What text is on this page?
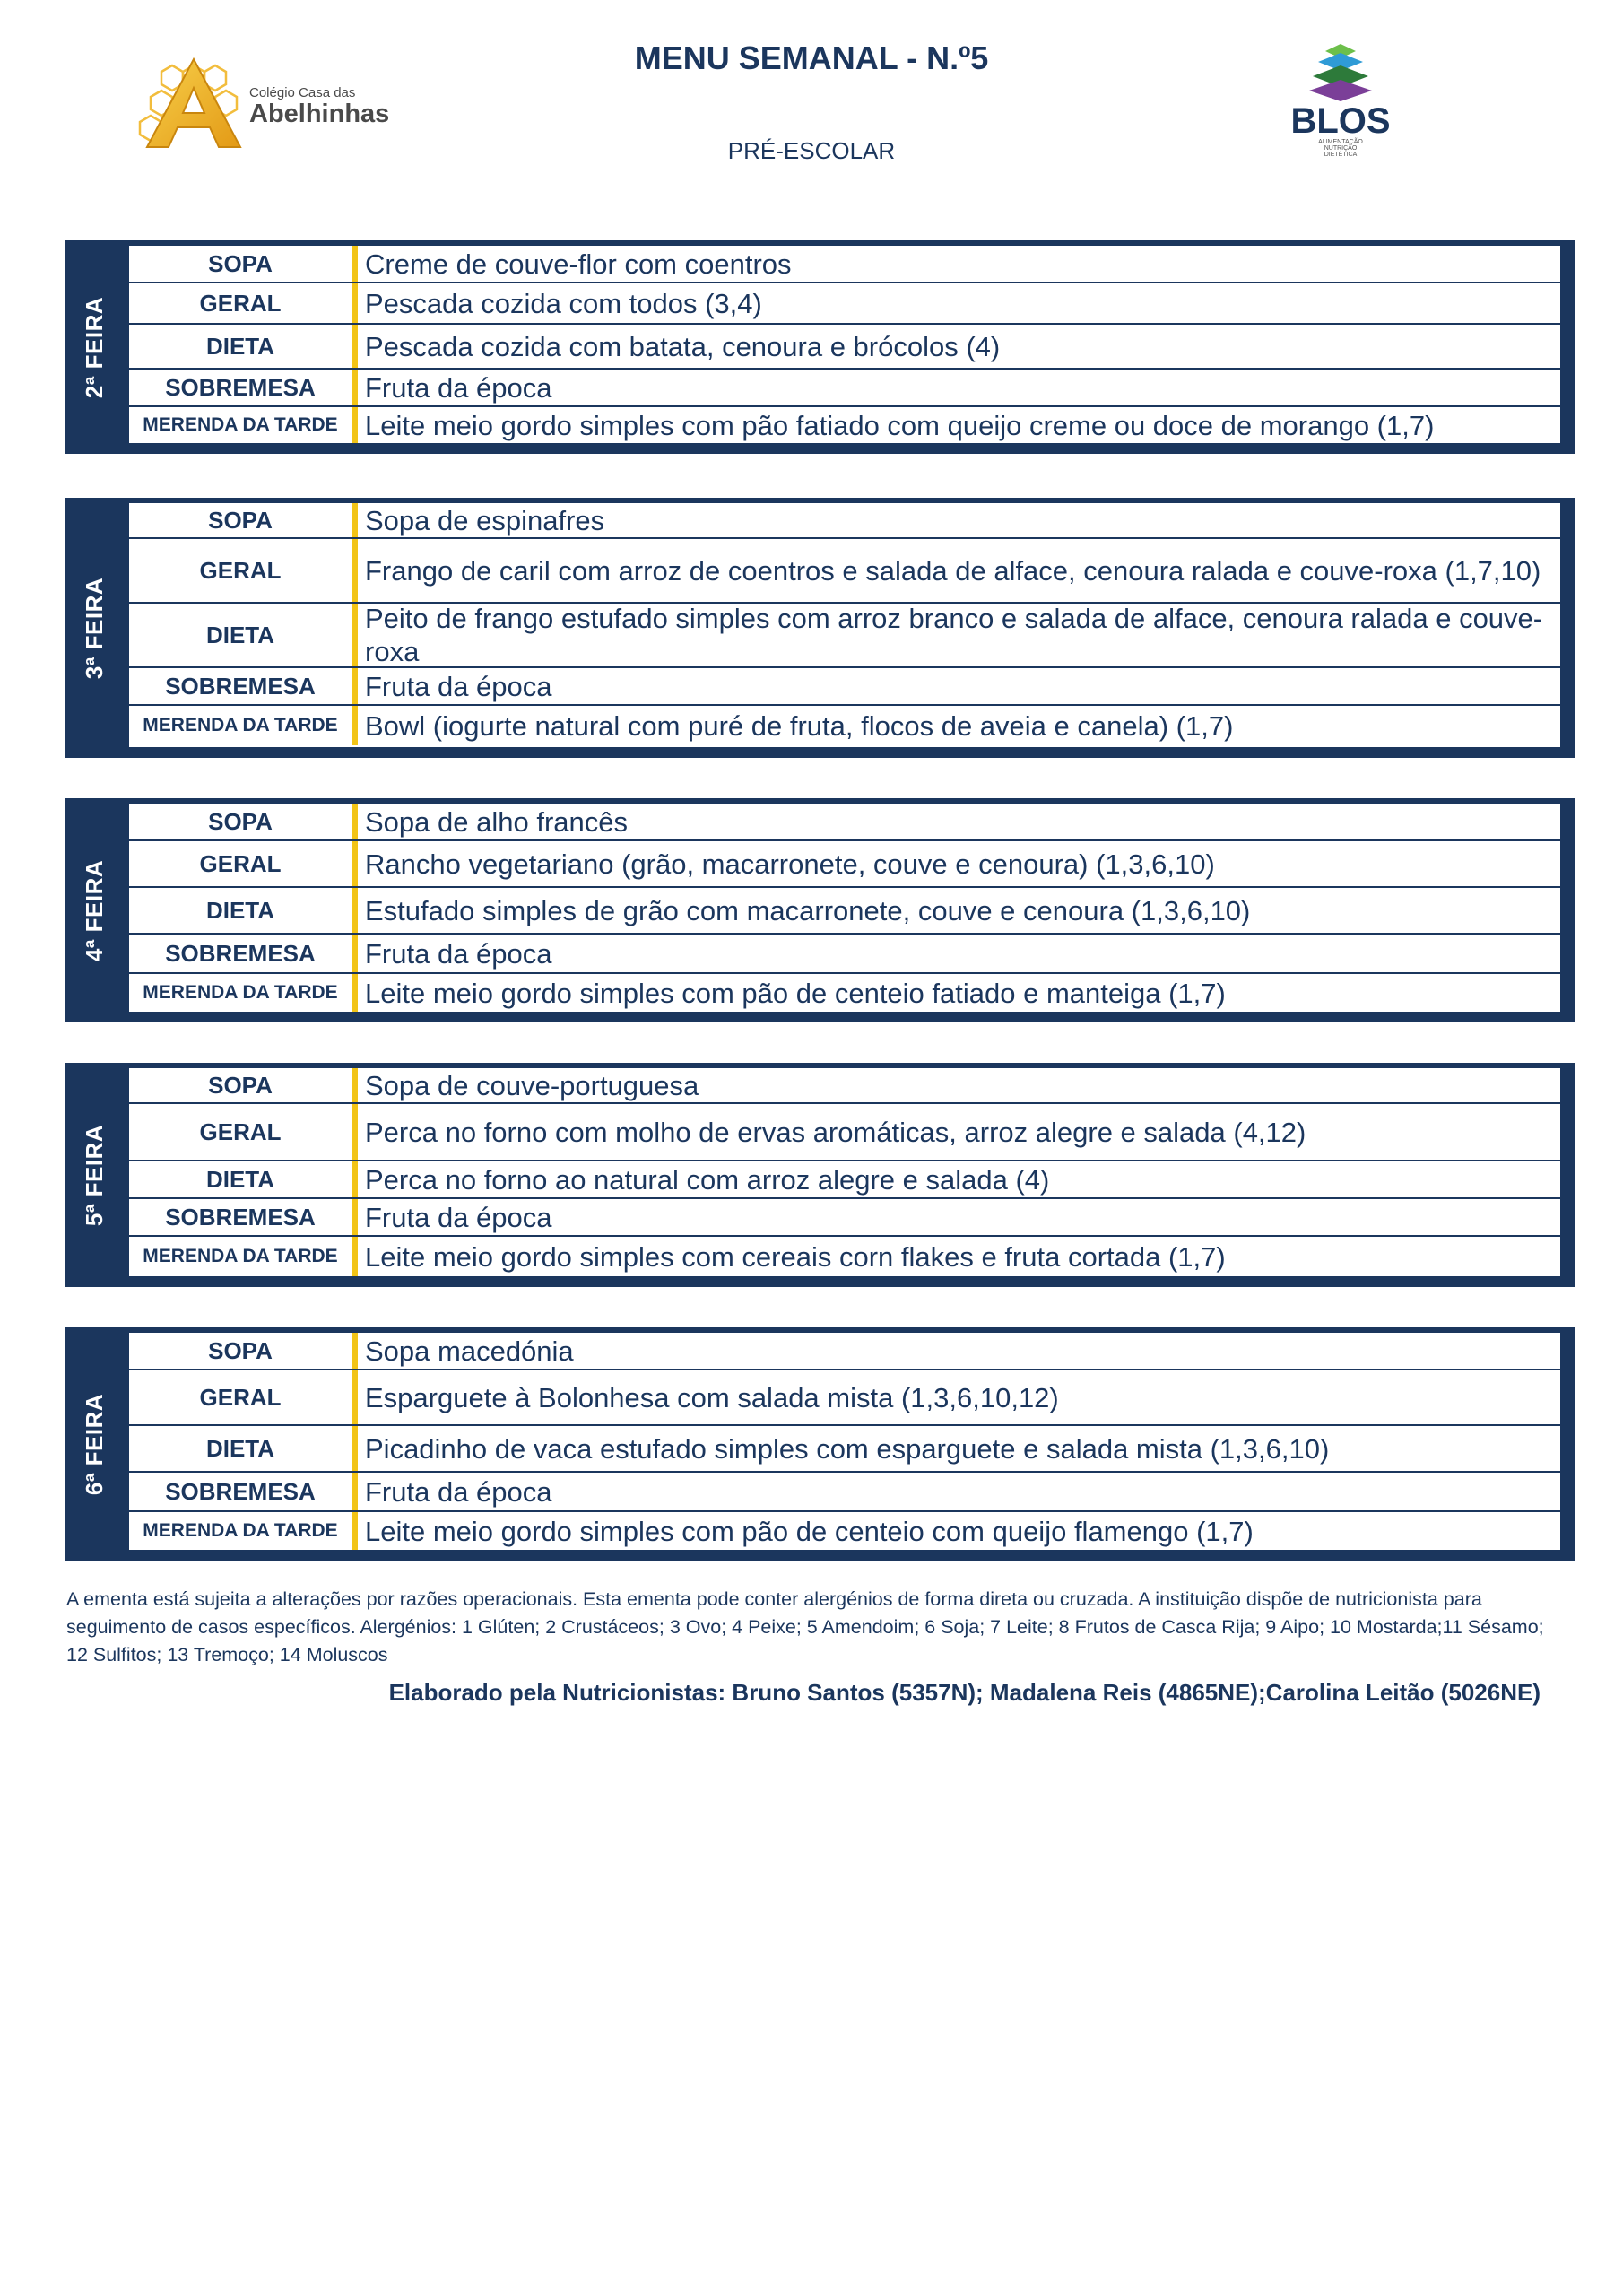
Colégio Casa das
Abelhinhas
MENU SEMANAL - N.º5
PRÉ-ESCOLAR
BLOS
ALIMENTAÇÃO
NUTRIÇÃO
DIETÉTICA
2ª FEIRA
SOPA	Creme de couve-flor com coentros
GERAL	Pescada cozida com todos (3,4)
DIETA	Pescada cozida com batata, cenoura e brócolos (4)
SOBREMESA	Fruta da época
MERENDA DA TARDE Leite meio gordo simples com pão fatiado com queijo creme ou doce de morango (1,7)
3ª FEIRA
SOPA	Sopa de espinafres
GERAL	Frango de caril com arroz de coentros e salada de alface, cenoura ralada e couve-roxa (1,7,10)
DIETA
Peito de frango estufado simples com arroz branco e salada de alface, cenoura ralada e couve-roxa
SOBREMESA	Fruta da época
MERENDA DA TARDE Bowl (iogurte natural com puré de fruta, flocos de aveia e canela) (1,7)
4ª FEIRA
SOPA	Sopa de alho francês
GERAL	Rancho vegetariano (grão, macarronete, couve e cenoura) (1,3,6,10)
DIETA	Estufado simples de grão com macarronete, couve e cenoura (1,3,6,10)
SOBREMESA	Fruta da época
MERENDA DA TARDE Leite meio gordo simples com pão de centeio fatiado e manteiga (1,7)
5ª FEIRA
SOPA	Sopa de couve-portuguesa
GERAL	Perca no forno com molho de ervas aromáticas, arroz alegre e salada (4,12)
DIETA	Perca no forno ao natural com arroz alegre e salada (4)
SOBREMESA	Fruta da época
MERENDA DA TARDE Leite meio gordo simples com cereais corn flakes e fruta cortada (1,7)
6ª FEIRA
SOPA	Sopa macedónia
GERAL	Esparguete à Bolonhesa com salada mista (1,3,6,10,12)
DIETA	Picadinho de vaca estufado simples com esparguete e salada mista (1,3,6,10)
SOBREMESA	Fruta da época
MERENDA DA TARDE Leite meio gordo simples com pão de centeio com queijo flamengo (1,7)
A ementa está sujeita a alterações por razões operacionais. Esta ementa pode conter alergénios de forma direta ou cruzada. A instituição dispõe de nutricionista para seguimento de casos específicos. Alergénios: 1 Glúten; 2 Crustáceos; 3 Ovo; 4 Peixe; 5 Amendoim; 6 Soja; 7 Leite; 8 Frutos de Casca Rija; 9 Aipo; 10 Mostarda;11 Sésamo; 12 Sulfitos; 13 Tremoço; 14 Moluscos
Elaborado pela Nutricionistas: Bruno Santos (5357N); Madalena Reis (4865NE);Carolina Leitão (5026NE)
